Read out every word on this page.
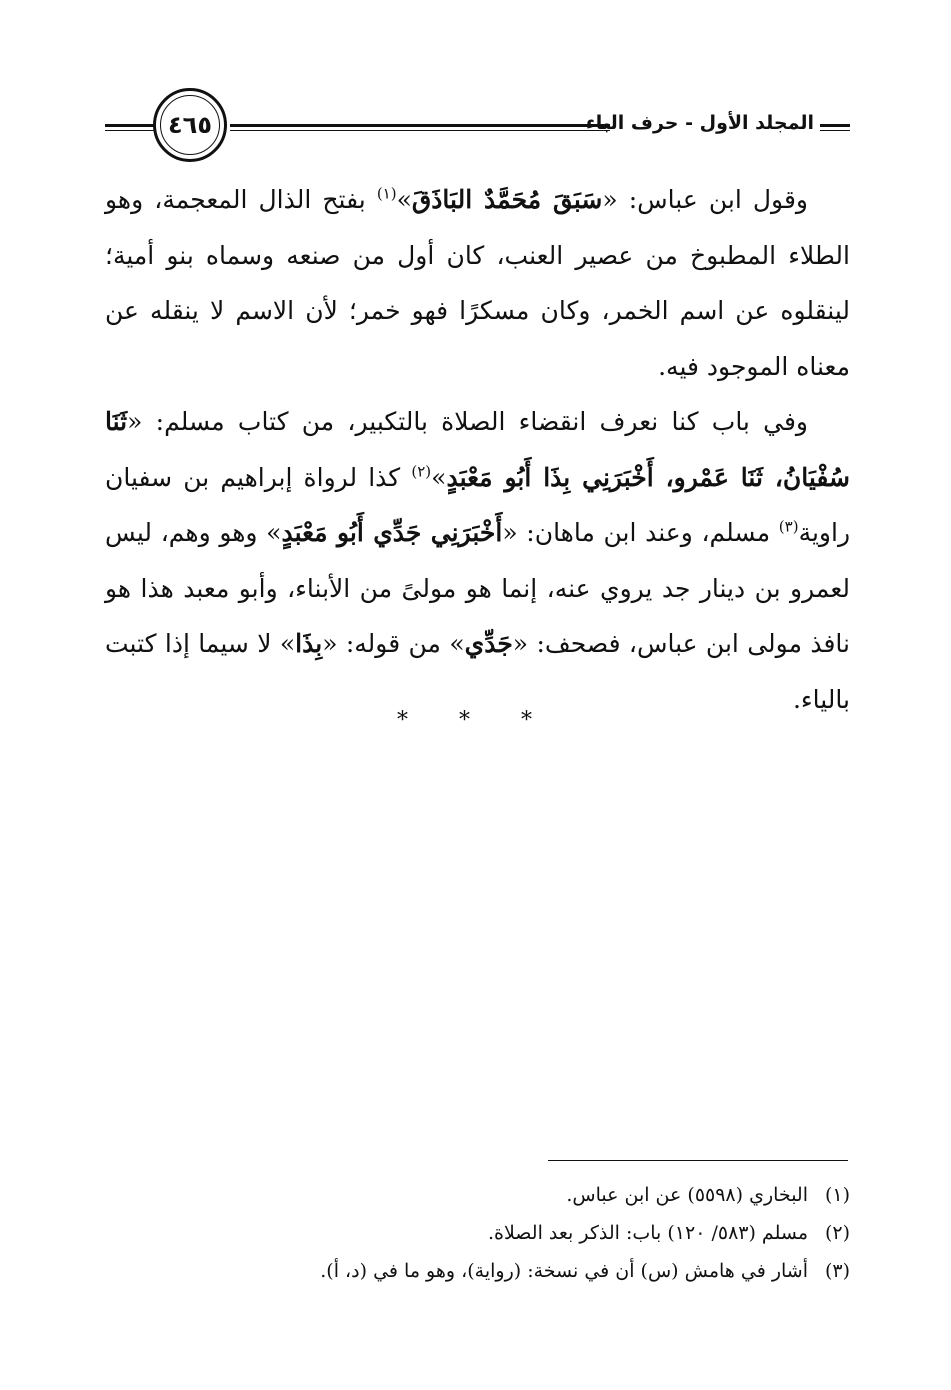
٤٦٥	المجلد الأول - حرف الباء

وقول ابن عباس: «سَبَقَ مُحَمَّدٌ البَاذَقَ»$^{(١)}$ بفتح الذال المعجمة، وهو الطلاء المطبوخ من عصير العنب، كان أول من صنعه وسماه بنو أمية؛ لينقلوه عن اسم الخمر، وكان مسكرًا فهو خمر؛ لأن الاسم لا ينقله عن معناه الموجود فيه.

وفي باب كنا نعرف انقضاء الصلاة بالتكبير، من كتاب مسلم: «ثَنَا سُفْيَانُ، ثَنَا عَمْرو، أَخْبَرَنِي بِذَا أَبُو مَعْبَدٍ»$^{(٢)}$ كذا لرواة إبراهيم بن سفيان راوية$^{(٣)}$ مسلم، وعند ابن ماهان: «أَخْبَرَنِي جَدِّي أَبُو مَعْبَدٍ» وهو وهم، ليس لعمرو بن دينار جد يروي عنه، إنما هو مولىً من الأبناء، وأبو معبد هذا هو نافذ مولى ابن عباس، فصحف: «جَدِّي» من قوله: «بِذَا» لا سيما إذا كتبت بالياء.

* * *
(١)
البخاري (٥٥٩٨) عن ابن عباس.
(٢)
مسلم (٥٨٣/ ١٢٠) باب: الذكر بعد الصلاة.
(٣)
أشار في هامش (س) أن في نسخة: (رواية)، وهو ما في (د، أ).
